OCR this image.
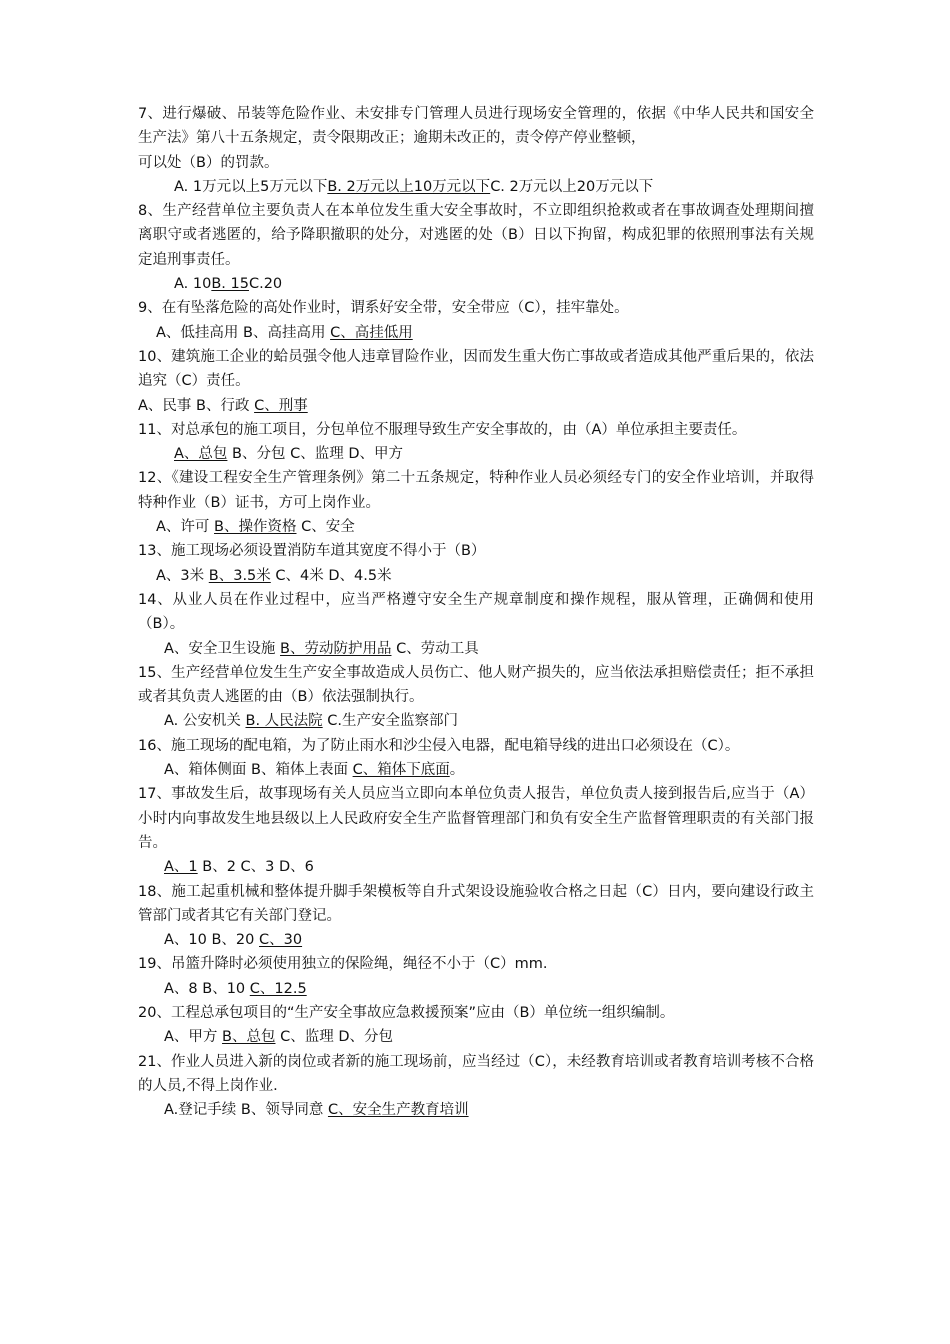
7、进行爆破、吊装等危险作业、未安排专门管理人员进行现场安全管理的，依据《中华人民共和国安全生产法》第八十五条规定，责令限期改正；逾期未改正的，责令停产停业整顿，

可以处（B）的罚款。

A. 1万元以上5万元以下B. 2万元以上10万元以下C. 2万元以上20万元以下

8、生产经营单位主要负责人在本单位发生重大安全事故时，不立即组织抢救或者在事故调查处理期间擅离职守或者逃匿的，给予降职撤职的处分，对逃匿的处（B）日以下拘留，构成犯罪的依照刑事法有关规定追刑事责任。

A. 10B. 15C.20

9、在有坠落危险的高处作业时，谓系好安全带，安全带应（C），挂牢靠处。

A、低挂高用 B、高挂高用 C、高挂低用

10、建筑施工企业的蛤员强令他人违章冒险作业，因而发生重大伤亡事故或者造成其他严重后果的，依法追究（C）责任。

A、民事 B、行政 C、刑事

11、对总承包的施工项目，分包单位不服理导致生产安全事故的，由（A）单位承担主要责任。

A、总包 B、分包 C、监理 D、甲方

12、《建设工程安全生产管理条例》第二十五条规定，特种作业人员必须经专门的安全作业培训，并取得特种作业（B）证书，方可上岗作业。

A、许可 B、操作资格 C、安全

13、施工现场必须设置消防车道其宽度不得小于（B）

A、3米 B、3.5米 C、4米 D、4.5米

14、从业人员在作业过程中，应当严格遵守安全生产规章制度和操作规程，服从管理，正确倜和使用（B）。

A、安全卫生设施 B、劳动防护用品 C、劳动工具

15、生产经营单位发生生产安全事故造成人员伤亡、他人财产损失的，应当依法承担赔偿责任；拒不承担或者其负责人逃匿的由（B）依法强制执行。

A. 公安机关 B. 人民法院 C.生产安全监察部门

16、施工现场的配电箱，为了防止雨水和沙尘侵入电器，配电箱导线的进出口必须设在（C）。

A、箱体侧面 B、箱体上表面 C、箱体下底面。

17、事故发生后，故事现场有关人员应当立即向本单位负责人报告，单位负责人接到报告后,应当于（A）小时内向事故发生地县级以上人民政府安全生产监督管理部门和负有安全生产监督管理职责的有关部门报告。

A、1 B、2 C、3 D、6

18、施工起重机械和整体提升脚手架模板等自升式架设设施验收合格之日起（C）日内，要向建设行政主管部门或者其它有关部门登记。

A、10 B、20 C、30

19、吊篮升降时必须使用独立的保险绳，绳径不小于（C）mm.

A、8 B、10 C、12.5

20、工程总承包项目的“生产安全事故应急救援预案”应由（B）单位统一组织编制。

A、甲方 B、总包 C、监理 D、分包

21、作业人员进入新的岗位或者新的施工现场前，应当经过（C），未经教育培训或者教育培训考核不合格的人员,不得上岗作业.

A.登记手续 B、领导同意 C、安全生产教育培训
